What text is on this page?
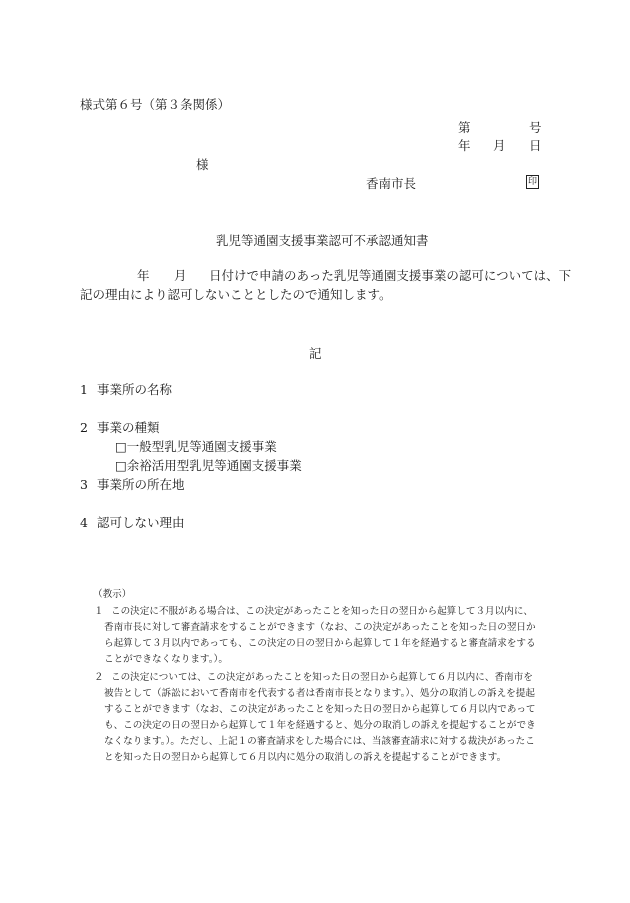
様式第６号（第３条関係）
第	号
年 月 日
様
香南市長	印
乳児等通園支援事業認可不承認通知書
年 月 日付けで申請のあった乳児等通園支援事業の認可については、下
記の理由により認可しないこととしたので通知します。
記
1 事業所の名称
2 事業の種類
□一般型乳児等通園支援事業
□余裕活用型乳児等通園支援事業
3 事業所の所在地
4 認可しない理由
（教示）
１ この決定に不服がある場合は、この決定があったことを知った日の翌日から起算して３月以内に、
香南市長に対して審査請求をすることができます（なお、この決定があったことを知った日の翌日か
ら起算して３月以内であっても、この決定の日の翌日から起算して１年を経過すると審査請求をする
ことができなくなります。）。
２ この決定については、この決定があったことを知った日の翌日から起算して６月以内に、香南市を
被告として（訴訟において香南市を代表する者は香南市長となります。）、処分の取消しの訴えを提起
することができます（なお、この決定があったことを知った日の翌日から起算して６月以内であって
も、この決定の日の翌日から起算して１年を経過すると、処分の取消しの訴えを提起することができ
なくなります。）。ただし、上記１の審査請求をした場合には、当該審査請求に対する裁決があったこ
とを知った日の翌日から起算して６月以内に処分の取消しの訴えを提起することができます。
